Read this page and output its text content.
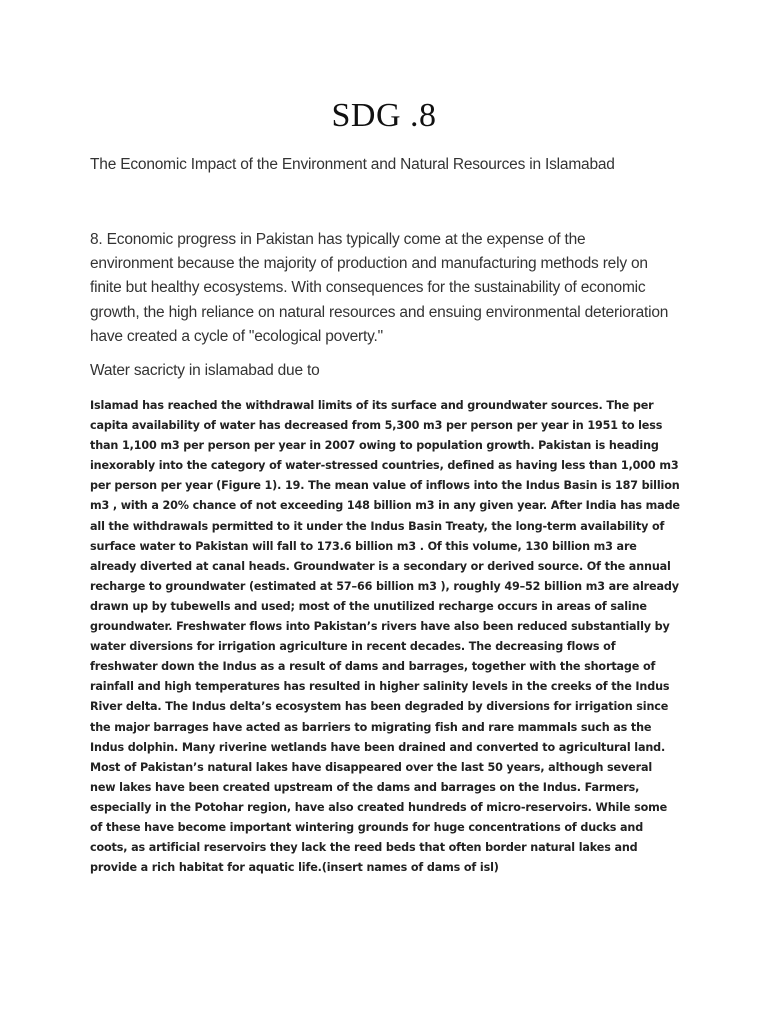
SDG .8
The Economic Impact of the Environment and Natural Resources in Islamabad

8. Economic progress in Pakistan has typically come at the expense of the environment because the majority of production and manufacturing methods rely on finite but healthy ecosystems. With consequences for the sustainability of economic growth, the high reliance on natural resources and ensuing environmental deterioration have created a cycle of "ecological poverty."

Water sacricty in islamabad due to

Islamad has reached the withdrawal limits of its surface and groundwater sources. The per capita availability of water has decreased from 5,300 m3 per person per year in 1951 to less than 1,100 m3 per person per year in 2007 owing to population growth. Pakistan is heading inexorably into the category of water-stressed countries, defined as having less than 1,000 m3 per person per year (Figure 1). 19. The mean value of inflows into the Indus Basin is 187 billion m3 , with a 20% chance of not exceeding 148 billion m3 in any given year. After India has made all the withdrawals permitted to it under the Indus Basin Treaty, the long-term availability of surface water to Pakistan will fall to 173.6 billion m3 . Of this volume, 130 billion m3 are already diverted at canal heads. Groundwater is a secondary or derived source. Of the annual recharge to groundwater (estimated at 57–66 billion m3 ), roughly 49–52 billion m3 are already drawn up by tubewells and used; most of the unutilized recharge occurs in areas of saline groundwater. Freshwater flows into Pakistan’s rivers have also been reduced substantially by water diversions for irrigation agriculture in recent decades. The decreasing flows of freshwater down the Indus as a result of dams and barrages, together with the shortage of rainfall and high temperatures has resulted in higher salinity levels in the creeks of the Indus River delta. The Indus delta’s ecosystem has been degraded by diversions for irrigation since the major barrages have acted as barriers to migrating fish and rare mammals such as the Indus dolphin. Many riverine wetlands have been drained and converted to agricultural land. Most of Pakistan’s natural lakes have disappeared over the last 50 years, although several new lakes have been created upstream of the dams and barrages on the Indus. Farmers, especially in the Potohar region, have also created hundreds of micro-reservoirs. While some of these have become important wintering grounds for huge concentrations of ducks and coots, as artificial reservoirs they lack the reed beds that often border natural lakes and provide a rich habitat for aquatic life.(insert names of dams of isl)
